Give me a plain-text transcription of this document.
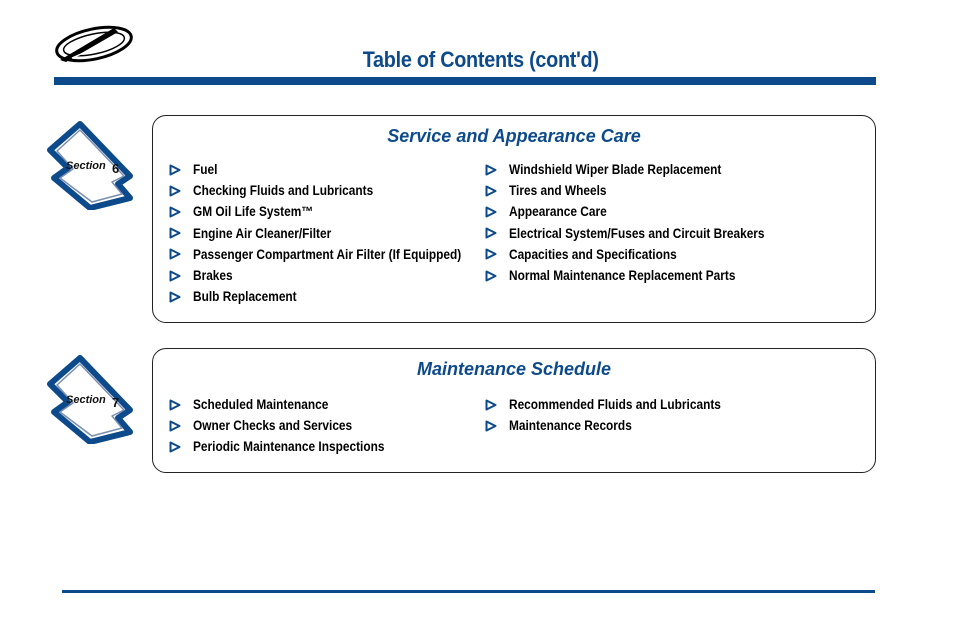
Table of Contents (cont'd)
Section 6
Service and Appearance Care
Fuel
Checking Fluids and Lubricants
GM Oil Life System™
Engine Air Cleaner/Filter
Passenger Compartment Air Filter (If Equipped)
Brakes
Bulb Replacement
Windshield Wiper Blade Replacement
Tires and Wheels
Appearance Care
Electrical System/Fuses and Circuit Breakers
Capacities and Specifications
Normal Maintenance Replacement Parts
Section 7
Maintenance Schedule
Scheduled Maintenance
Owner Checks and Services
Periodic Maintenance Inspections
Recommended Fluids and Lubricants
Maintenance Records
